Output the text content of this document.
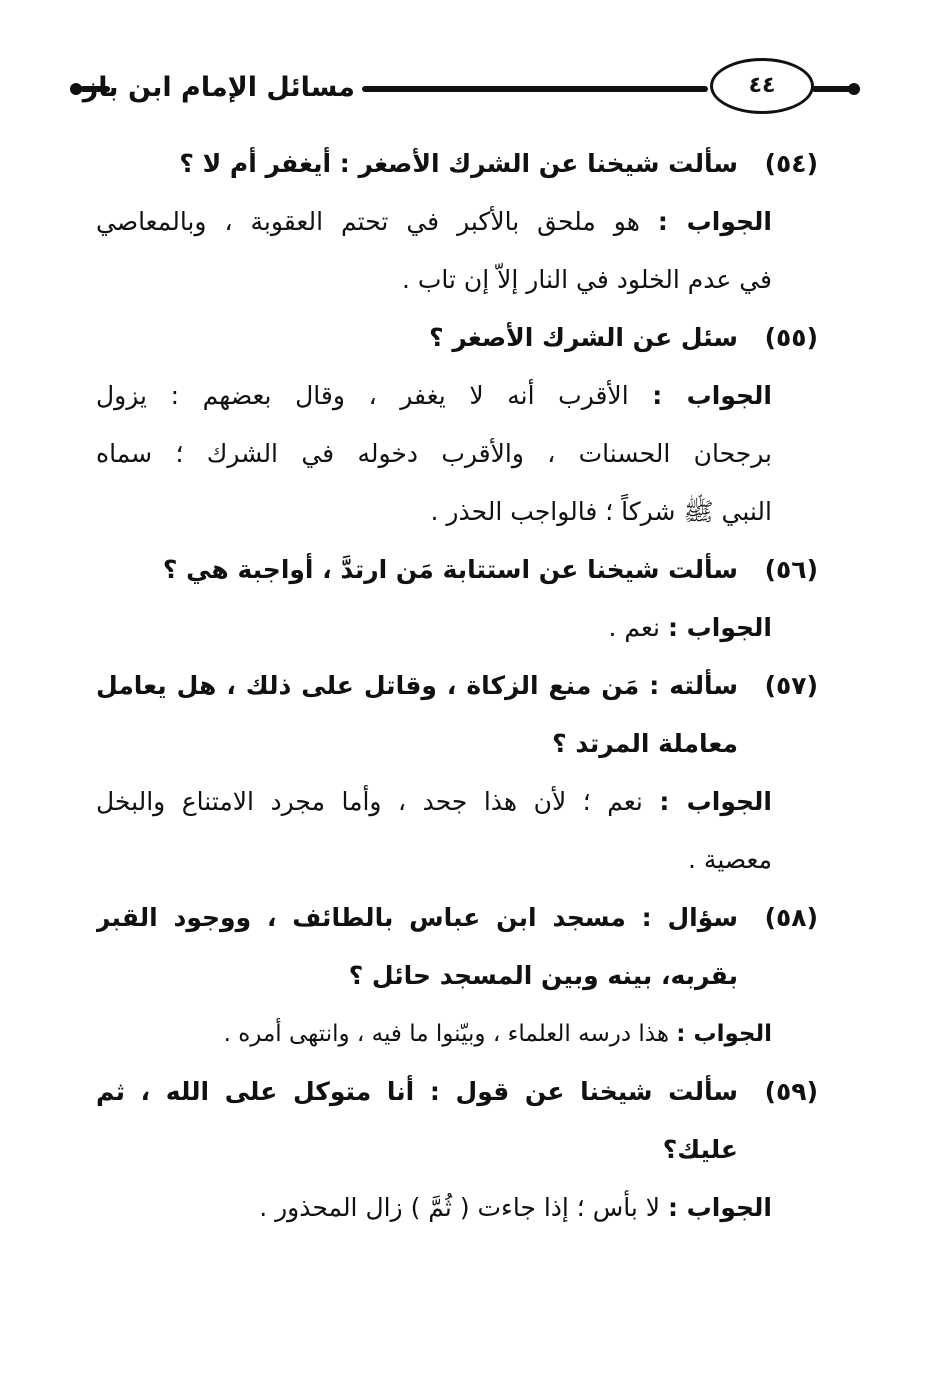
مسائل الإمام ابن باز	٤٤
(٥٤)سألت شيخنا عن الشرك الأصغر : أيغفر أم لا ؟
الجواب : هو ملحق بالأكبر في تحتم العقوبة ، وبالمعاصي
في عدم الخلود في النار إلاّ إن تاب .
(٥٥)سئل عن الشرك الأصغر ؟
الجواب : الأقرب أنه لا يغفر ، وقال بعضهم : يزول
برجحان الحسنات ، والأقرب دخوله في الشرك ؛ سماه
النبي ﷺ شركاً ؛ فالواجب الحذر .
(٥٦)سألت شيخنا عن استتابة مَن ارتدَّ ، أواجبة هي ؟
الجواب : نعم .
(٥٧)سألته : مَن منع الزكاة ، وقاتل على ذلك ، هل يعامل
معاملة المرتد ؟
الجواب : نعم ؛ لأن هذا جحد ، وأما مجرد الامتناع والبخل
معصية .
(٥٨)سؤال : مسجد ابن عباس بالطائف ، ووجود القبر
بقربه، بينه وبين المسجد حائل ؟
الجواب : هذا درسه العلماء ، وبيّنوا ما فيه ، وانتهى أمره .
(٥٩)سألت شيخنا عن قول : أنا متوكل على الله ، ثم
عليك؟
الجواب : لا بأس ؛ إذا جاءت ( ثُمَّ ) زال المحذور .
